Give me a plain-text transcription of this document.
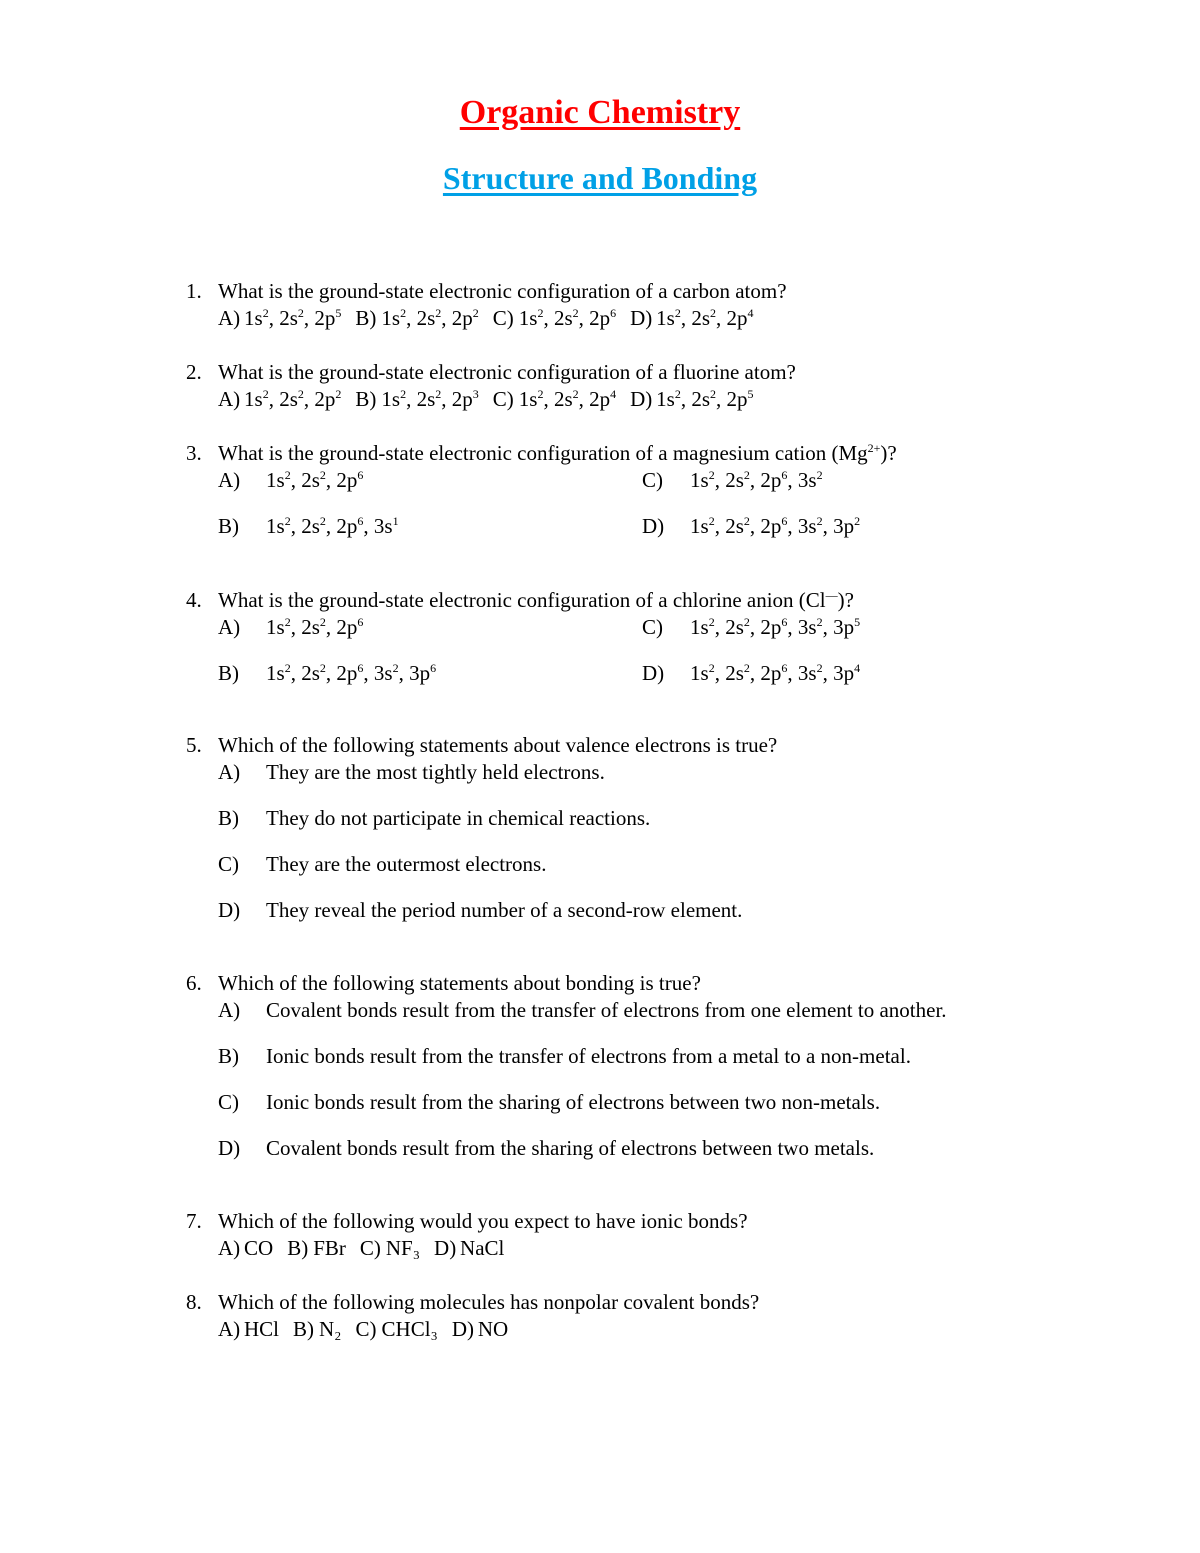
Organic Chemistry
Structure and Bonding
1. What is the ground-state electronic configuration of a carbon atom?
A) $1s^2$, $2s^2$, $2p^5$ B) $1s^2$, $2s^2$, $2p^2$ C) $1s^2$, $2s^2$, $2p^6$ D) $1s^2$, $2s^2$, $2p^4$
2. What is the ground-state electronic configuration of a fluorine atom?
A) $1s^2$, $2s^2$, $2p^2$ B) $1s^2$, $2s^2$, $2p^3$ C) $1s^2$, $2s^2$, $2p^4$ D) $1s^2$, $2s^2$, $2p^5$
3. What is the ground-state electronic configuration of a magnesium cation $(Mg^{2+})$?
A) $1s^2$, $2s^2$, $2p^6$	C) $1s^2$, $2s^2$, $2p^6$, $3s^2$
B) $1s^2$, $2s^2$, $2p^6$, $3s^1$	D) $1s^2$, $2s^2$, $2p^6$, $3s^2$, $3p^2$
4. What is the ground-state electronic configuration of a chlorine anion (Cl—)?
A) $1s^2$, $2s^2$, $2p^6$	C) $1s^2$, $2s^2$, $2p^6$, $3s^2$, $3p^5$
B) $1s^2$, $2s^2$, $2p^6$, $3s^2$, $3p^6$	D) $1s^2$, $2s^2$, $2p^6$, $3s^2$, $3p^4$
5. Which of the following statements about valence electrons is true?
A) They are the most tightly held electrons.
B) They do not participate in chemical reactions.
C) They are the outermost electrons.
D) They reveal the period number of a second-row element.
6. Which of the following statements about bonding is true?
A) Covalent bonds result from the transfer of electrons from one element to another.
B) Ionic bonds result from the transfer of electrons from a metal to a non-metal.
C) Ionic bonds result from the sharing of electrons between two non-metals.
D) Covalent bonds result from the sharing of electrons between two metals.
7. Which of the following would you expect to have ionic bonds?
A) CO B) FBr C) NF₃ D) NaCl
8. Which of the following molecules has nonpolar covalent bonds?
A) HCl B) N₂ C) CHCl₃ D) NO
